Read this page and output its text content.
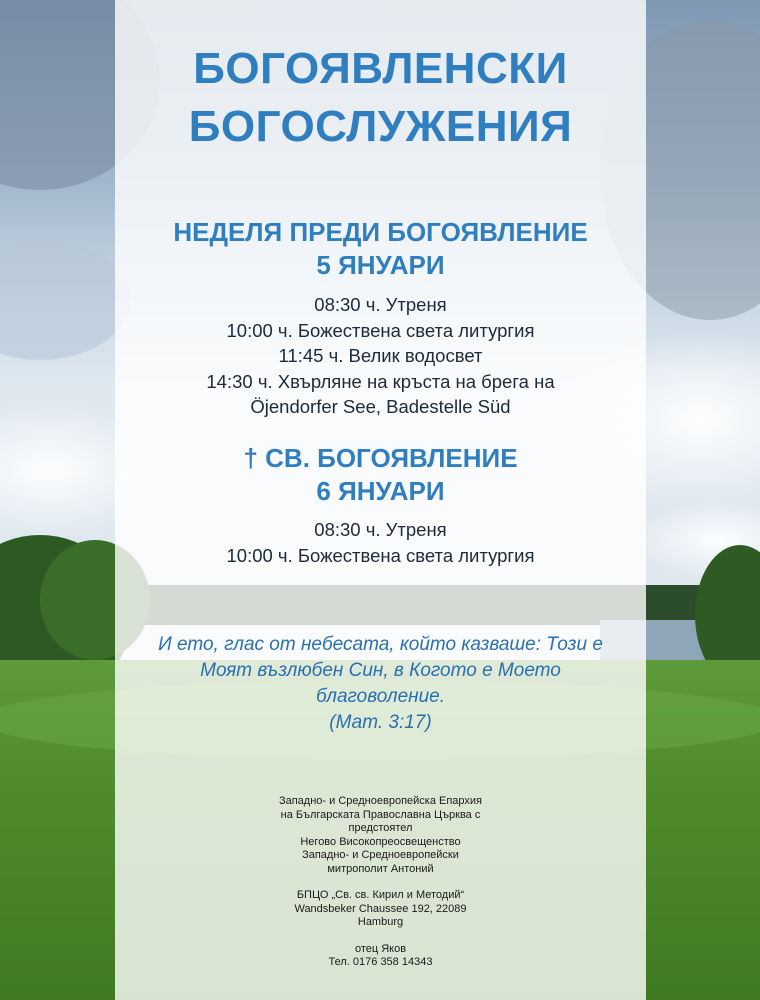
БОГОЯВЛЕНСКИ
БОГОСЛУЖЕНИЯ
НЕДЕЛЯ ПРЕДИ БОГОЯВЛЕНИЕ
5 ЯНУАРИ
08:30 ч. Утреня
10:00 ч. Божествена света литургия
11:45 ч. Велик водосвет
14:30 ч. Хвърляне на кръста на брега на
Öjendorfer See, Badestelle Süd
† СВ. БОГОЯВЛЕНИЕ
6 ЯНУАРИ
08:30 ч. Утреня
10:00 ч. Божествена света литургия
И ето, глас от небесата, който казваше: Този е
Моят възлюбен Син, в Когото е Моето
благоволение.
(Мат. 3:17)
Западно- и Средноевропейска Епархия
на Българската Православна Църква с
предстоятел
Негово Високопреосвещенство
Западно- и Средноевропейски
митрополит Антоний
БПЦО „Св. св. Кирил и Методий“
Wandsbeker Chaussee 192, 22089
Hamburg
отец Яков
Тел. 0176 358 14343
